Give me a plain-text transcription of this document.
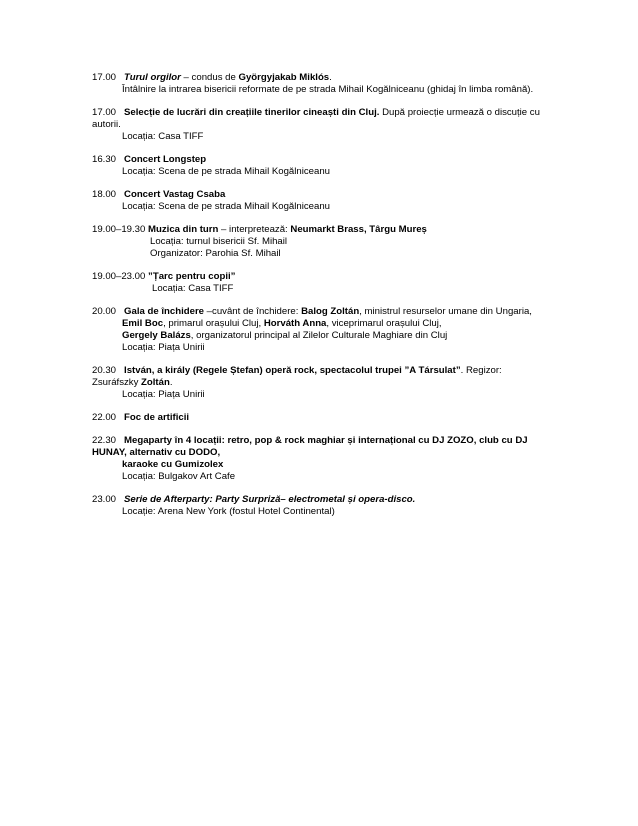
17.00 Turul orgilor – condus de Györgyjakab Miklós.
Întâlnire la intrarea bisericii reformate de pe strada Mihail Kogălniceanu (ghidaj în limba română).
17.00 Selecție de lucrări din creațiile tinerilor cineaști din Cluj. După proiecție urmează o discuție cu autorii.
Locația: Casa TIFF
16.30 Concert Longstep
Locația: Scena de pe strada Mihail Kogălniceanu
18.00 Concert Vastag Csaba
Locația: Scena de pe strada Mihail Kogălniceanu
19.00–19.30 Muzica din turn – interpretează: Neumarkt Brass, Târgu Mureș
Locația: turnul bisericii Sf. Mihail
Organizator: Parohia Sf. Mihail
19.00–23.00 ”Țarc pentru copii”
Locația: Casa TIFF
20.00 Gala de închidere –cuvânt de închidere: Balog Zoltán, ministrul resurselor umane din Ungaria,
Emil Boc, primarul orașului Cluj, Horváth Anna, viceprimarul orașului Cluj,
Gergely Balázs, organizatorul principal al Zilelor Culturale Maghiare din Cluj
Locația: Piața Unirii
20.30 István, a király (Regele Ștefan) operă rock, spectacolul trupei ”A Társulat”. Regizor: Zsuráfszky Zoltán.
Locația: Piața Unirii
22.00 Foc de artificii
22.30 Megaparty în 4 locații: retro, pop & rock maghiar și internațional cu DJ ZOZO, club cu DJ HUNAY, alternativ cu DODO,
karaoke cu Gumizolex
Locația: Bulgakov Art Cafe
23.00 Serie de Afterparty: Party Surpriză– electrometal și opera-disco.
Locație: Arena New York (fostul Hotel Continental)
